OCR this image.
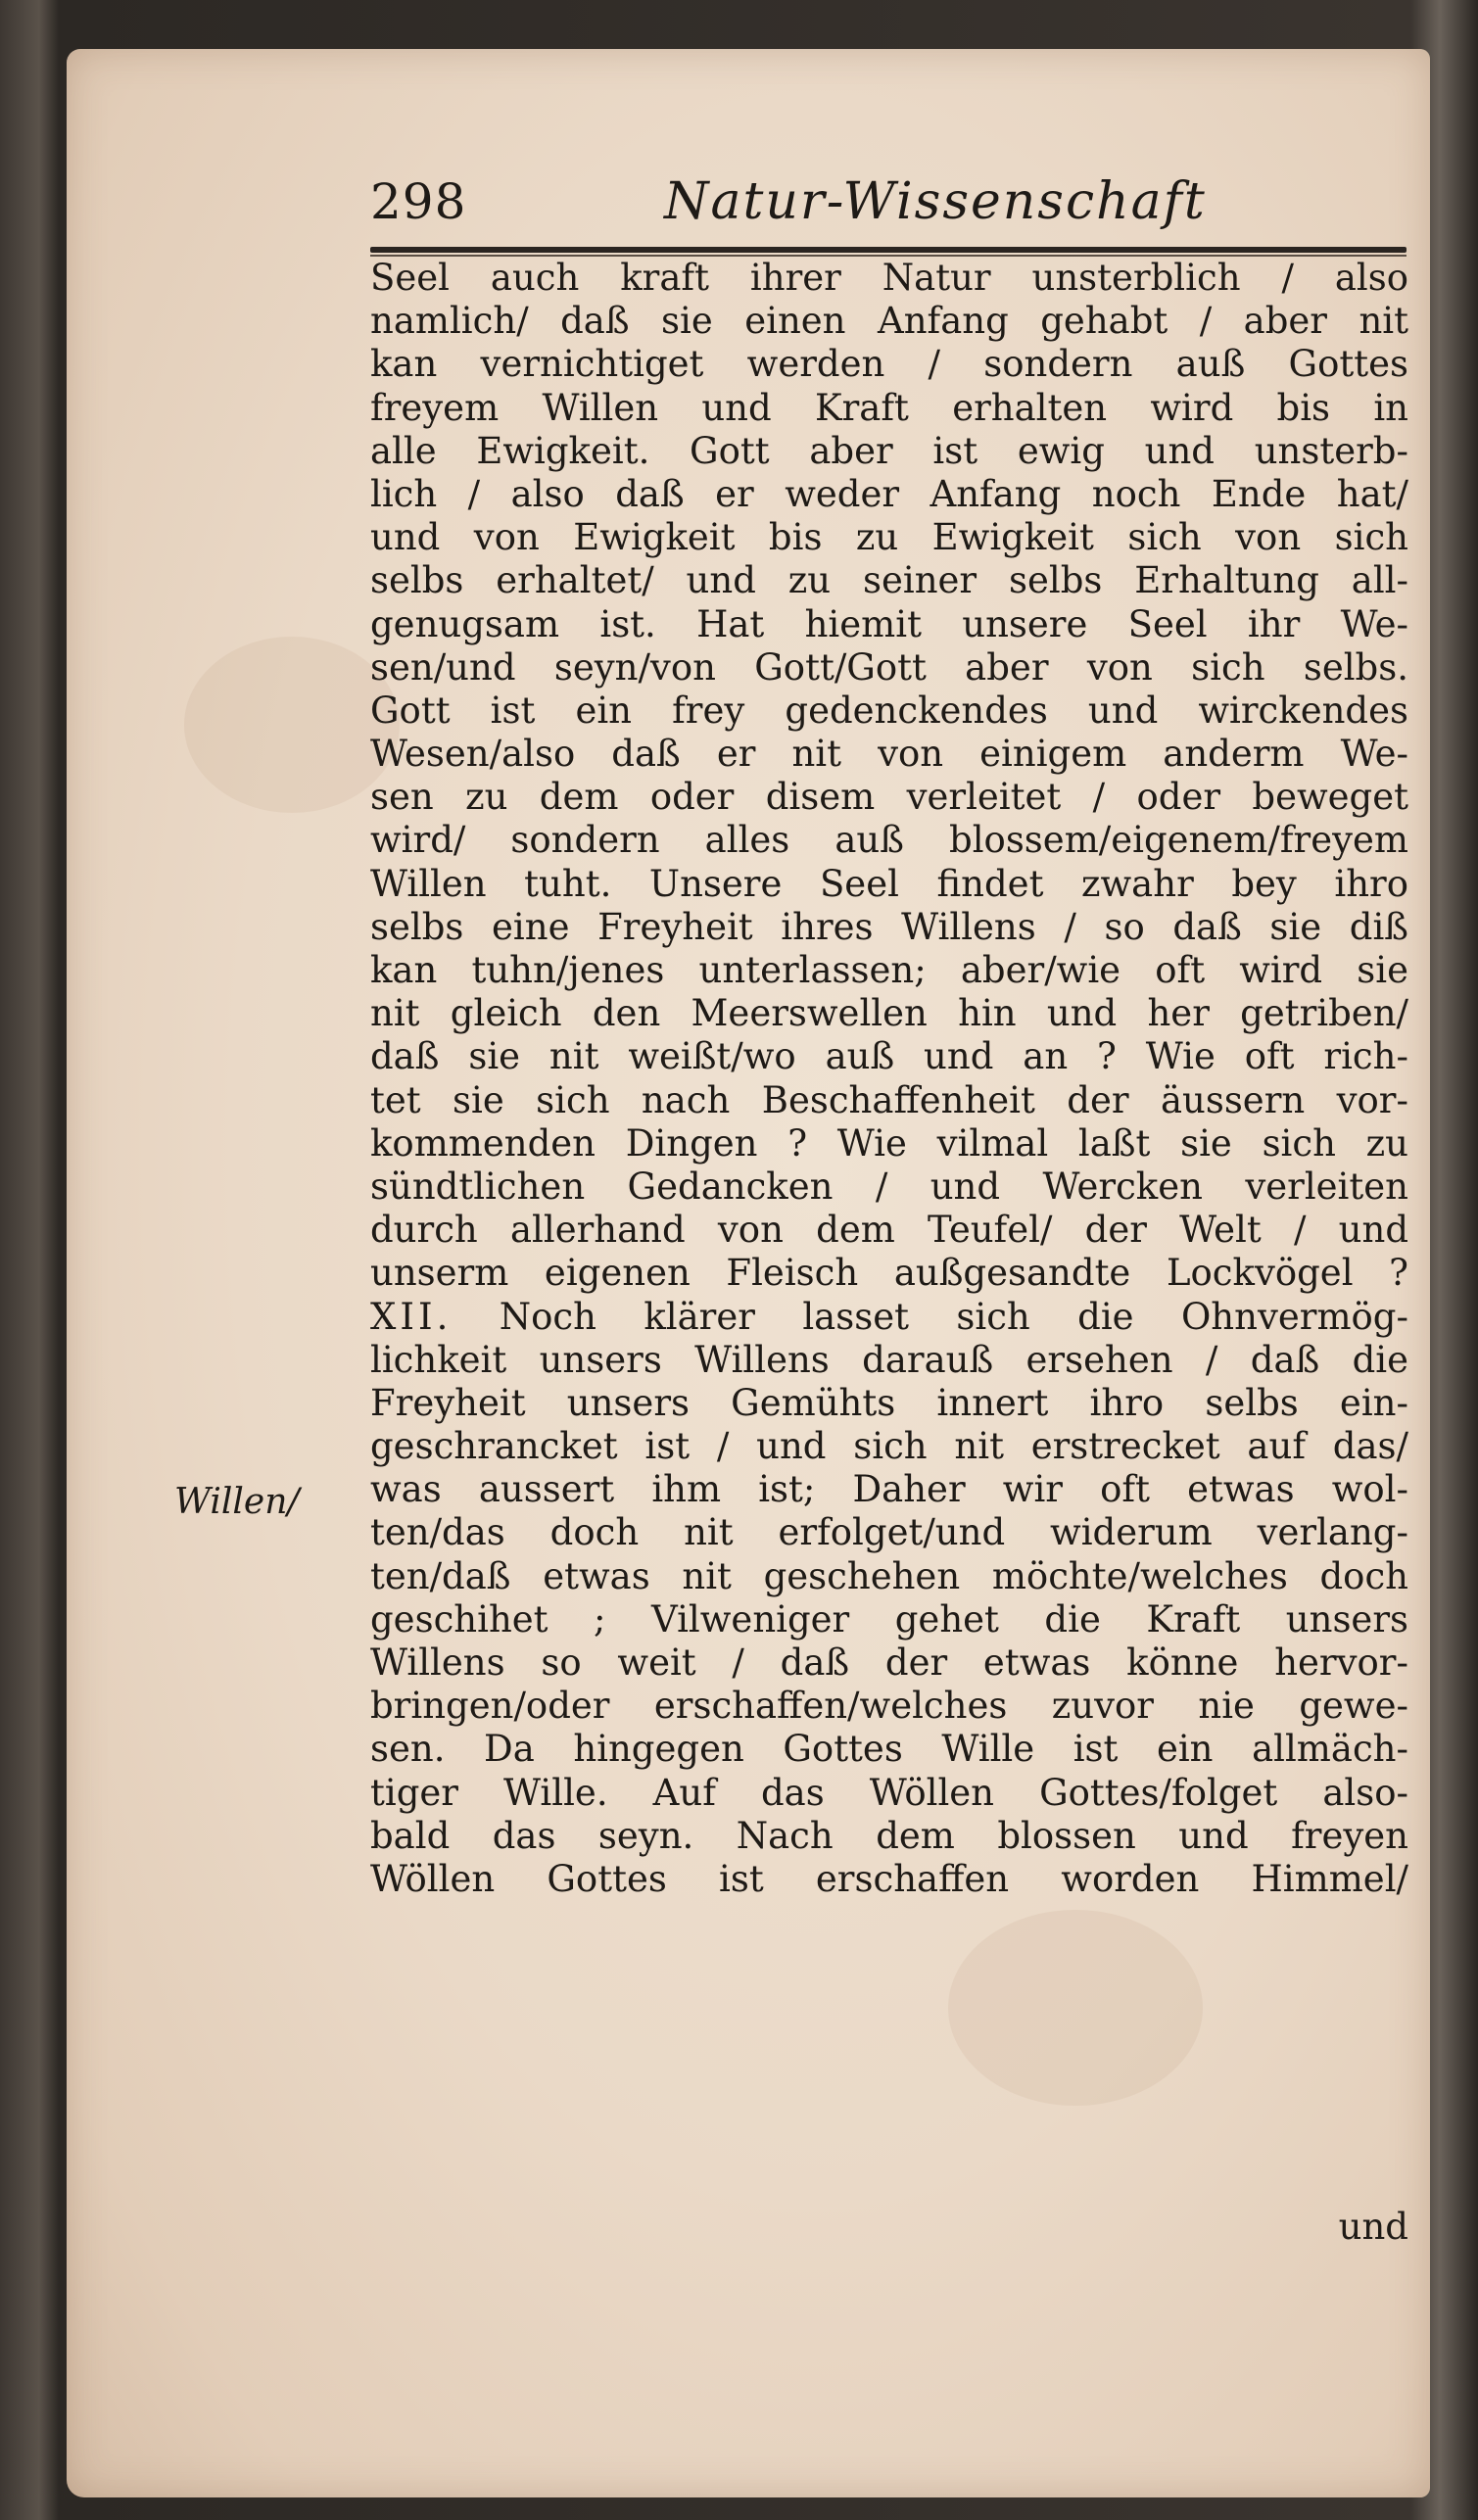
298	Natur-Wissenschaft
Willen/
Seel auch kraft ihrer Natur unsterblich / also
namlich/ daß sie einen Anfang gehabt / aber nit
kan vernichtiget werden / sondern auß Gottes
freyem Willen und Kraft erhalten wird bis in
alle Ewigkeit. Gott aber ist ewig und unsterb-
lich / also daß er weder Anfang noch Ende hat/
und von Ewigkeit bis zu Ewigkeit sich von sich
selbs erhaltet/ und zu seiner selbs Erhaltung all-
genugsam ist. Hat hiemit unsere Seel ihr We-
sen/und seyn/von Gott/Gott aber von sich selbs.
Gott ist ein frey gedenckendes und wirckendes
Wesen/also daß er nit von einigem anderm We-
sen zu dem oder disem verleitet / oder beweget
wird/ sondern alles auß blossem/eigenem/freyem
Willen tuht. Unsere Seel findet zwahr bey ihro
selbs eine Freyheit ihres Willens / so daß sie diß
kan tuhn/jenes unterlassen; aber/wie oft wird sie
nit gleich den Meerswellen hin und her getriben/
daß sie nit weißt/wo auß und an ? Wie oft rich-
tet sie sich nach Beschaffenheit der äussern vor-
kommenden Dingen ? Wie vilmal laßt sie sich zu
sündtlichen Gedancken / und Wercken verleiten
durch allerhand von dem Teufel/ der Welt / und
unserm eigenen Fleisch außgesandte Lockvögel ?
XII. Noch klärer lasset sich die Ohnvermög-
lichkeit unsers Willens darauß ersehen / daß die
Freyheit unsers Gemühts innert ihro selbs ein-
geschrancket ist / und sich nit erstrecket auf das/
was aussert ihm ist; Daher wir oft etwas wol-
ten/das doch nit erfolget/und widerum verlang-
ten/daß etwas nit geschehen möchte/welches doch
geschihet ; Vilweniger gehet die Kraft unsers
Willens so weit / daß der etwas könne hervor-
bringen/oder erschaffen/welches zuvor nie gewe-
sen. Da hingegen Gottes Wille ist ein allmäch-
tiger Wille. Auf das Wöllen Gottes/folget also-
bald das seyn. Nach dem blossen und freyen
Wöllen Gottes ist erschaffen worden Himmel/
und
